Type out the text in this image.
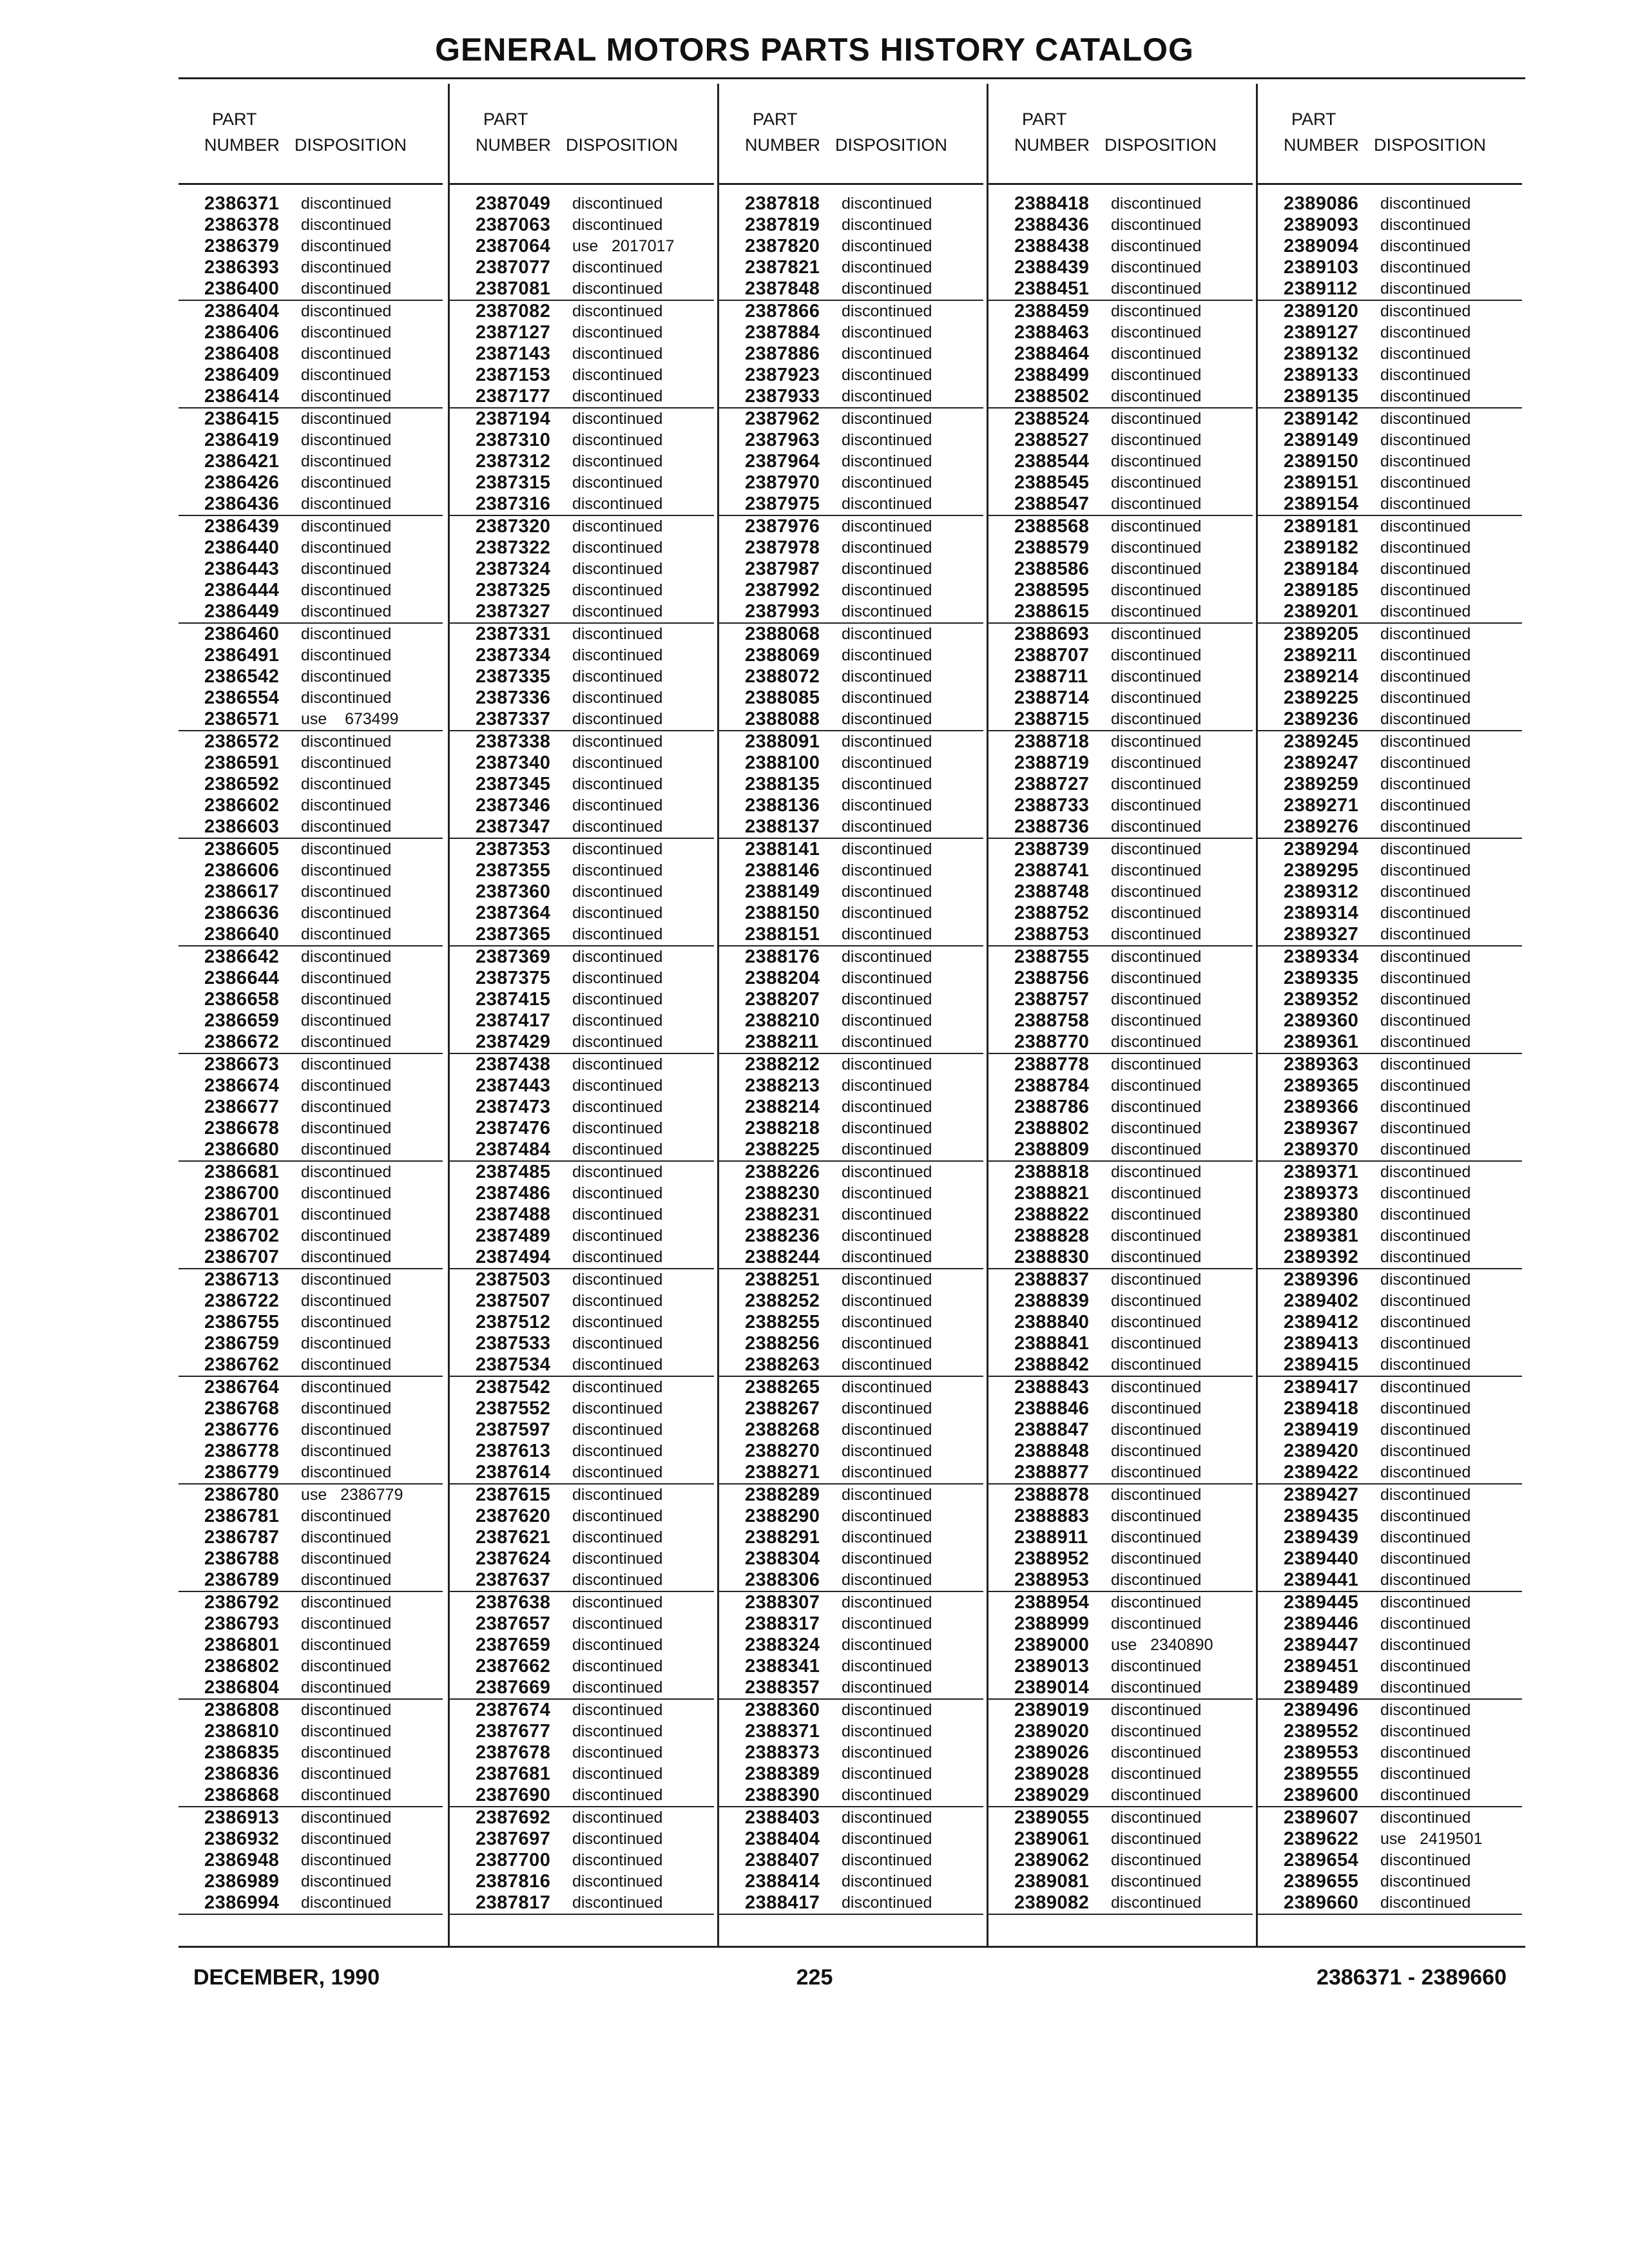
GENERAL MOTORS PARTS HISTORY CATALOG
PART
NUMBER DISPOSITION
2386371 discontinued
2386378 discontinued
2386379 discontinued
2386393 discontinued
2386400 discontinued
2386404 discontinued
2386406 discontinued
2386408 discontinued
2386409 discontinued
2386414 discontinued
2386415 discontinued
2386419 discontinued
2386421 discontinued
2386426 discontinued
2386436 discontinued
2386439 discontinued
2386440 discontinued
2386443 discontinued
2386444 discontinued
2386449 discontinued
2386460 discontinued
2386491 discontinued
2386542 discontinued
2386554 discontinued
2386571 use    673499
2386572 discontinued
2386591 discontinued
2386592 discontinued
2386602 discontinued
2386603 discontinued
2386605 discontinued
2386606 discontinued
2386617 discontinued
2386636 discontinued
2386640 discontinued
2386642 discontinued
2386644 discontinued
2386658 discontinued
2386659 discontinued
2386672 discontinued
2386673 discontinued
2386674 discontinued
2386677 discontinued
2386678 discontinued
2386680 discontinued
2386681 discontinued
2386700 discontinued
2386701 discontinued
2386702 discontinued
2386707 discontinued
2386713 discontinued
2386722 discontinued
2386755 discontinued
2386759 discontinued
2386762 discontinued
2386764 discontinued
2386768 discontinued
2386776 discontinued
2386778 discontinued
2386779 discontinued
2386780 use   2386779
2386781 discontinued
2386787 discontinued
2386788 discontinued
2386789 discontinued
2386792 discontinued
2386793 discontinued
2386801 discontinued
2386802 discontinued
2386804 discontinued
2386808 discontinued
2386810 discontinued
2386835 discontinued
2386836 discontinued
2386868 discontinued
2386913 discontinued
2386932 discontinued
2386948 discontinued
2386989 discontinued
2386994 discontinued
PART
NUMBER DISPOSITION
2387049 discontinued
2387063 discontinued
2387064 use   2017017
2387077 discontinued
2387081 discontinued
2387082 discontinued
2387127 discontinued
2387143 discontinued
2387153 discontinued
2387177 discontinued
2387194 discontinued
2387310 discontinued
2387312 discontinued
2387315 discontinued
2387316 discontinued
2387320 discontinued
2387322 discontinued
2387324 discontinued
2387325 discontinued
2387327 discontinued
2387331 discontinued
2387334 discontinued
2387335 discontinued
2387336 discontinued
2387337 discontinued
2387338 discontinued
2387340 discontinued
2387345 discontinued
2387346 discontinued
2387347 discontinued
2387353 discontinued
2387355 discontinued
2387360 discontinued
2387364 discontinued
2387365 discontinued
2387369 discontinued
2387375 discontinued
2387415 discontinued
2387417 discontinued
2387429 discontinued
2387438 discontinued
2387443 discontinued
2387473 discontinued
2387476 discontinued
2387484 discontinued
2387485 discontinued
2387486 discontinued
2387488 discontinued
2387489 discontinued
2387494 discontinued
2387503 discontinued
2387507 discontinued
2387512 discontinued
2387533 discontinued
2387534 discontinued
2387542 discontinued
2387552 discontinued
2387597 discontinued
2387613 discontinued
2387614 discontinued
2387615 discontinued
2387620 discontinued
2387621 discontinued
2387624 discontinued
2387637 discontinued
2387638 discontinued
2387657 discontinued
2387659 discontinued
2387662 discontinued
2387669 discontinued
2387674 discontinued
2387677 discontinued
2387678 discontinued
2387681 discontinued
2387690 discontinued
2387692 discontinued
2387697 discontinued
2387700 discontinued
2387816 discontinued
2387817 discontinued
PART
NUMBER DISPOSITION
2387818 discontinued
2387819 discontinued
2387820 discontinued
2387821 discontinued
2387848 discontinued
2387866 discontinued
2387884 discontinued
2387886 discontinued
2387923 discontinued
2387933 discontinued
2387962 discontinued
2387963 discontinued
2387964 discontinued
2387970 discontinued
2387975 discontinued
2387976 discontinued
2387978 discontinued
2387987 discontinued
2387992 discontinued
2387993 discontinued
2388068 discontinued
2388069 discontinued
2388072 discontinued
2388085 discontinued
2388088 discontinued
2388091 discontinued
2388100 discontinued
2388135 discontinued
2388136 discontinued
2388137 discontinued
2388141 discontinued
2388146 discontinued
2388149 discontinued
2388150 discontinued
2388151 discontinued
2388176 discontinued
2388204 discontinued
2388207 discontinued
2388210 discontinued
2388211 discontinued
2388212 discontinued
2388213 discontinued
2388214 discontinued
2388218 discontinued
2388225 discontinued
2388226 discontinued
2388230 discontinued
2388231 discontinued
2388236 discontinued
2388244 discontinued
2388251 discontinued
2388252 discontinued
2388255 discontinued
2388256 discontinued
2388263 discontinued
2388265 discontinued
2388267 discontinued
2388268 discontinued
2388270 discontinued
2388271 discontinued
2388289 discontinued
2388290 discontinued
2388291 discontinued
2388304 discontinued
2388306 discontinued
2388307 discontinued
2388317 discontinued
2388324 discontinued
2388341 discontinued
2388357 discontinued
2388360 discontinued
2388371 discontinued
2388373 discontinued
2388389 discontinued
2388390 discontinued
2388403 discontinued
2388404 discontinued
2388407 discontinued
2388414 discontinued
2388417 discontinued
PART
NUMBER DISPOSITION
2388418 discontinued
2388436 discontinued
2388438 discontinued
2388439 discontinued
2388451 discontinued
2388459 discontinued
2388463 discontinued
2388464 discontinued
2388499 discontinued
2388502 discontinued
2388524 discontinued
2388527 discontinued
2388544 discontinued
2388545 discontinued
2388547 discontinued
2388568 discontinued
2388579 discontinued
2388586 discontinued
2388595 discontinued
2388615 discontinued
2388693 discontinued
2388707 discontinued
2388711 discontinued
2388714 discontinued
2388715 discontinued
2388718 discontinued
2388719 discontinued
2388727 discontinued
2388733 discontinued
2388736 discontinued
2388739 discontinued
2388741 discontinued
2388748 discontinued
2388752 discontinued
2388753 discontinued
2388755 discontinued
2388756 discontinued
2388757 discontinued
2388758 discontinued
2388770 discontinued
2388778 discontinued
2388784 discontinued
2388786 discontinued
2388802 discontinued
2388809 discontinued
2388818 discontinued
2388821 discontinued
2388822 discontinued
2388828 discontinued
2388830 discontinued
2388837 discontinued
2388839 discontinued
2388840 discontinued
2388841 discontinued
2388842 discontinued
2388843 discontinued
2388846 discontinued
2388847 discontinued
2388848 discontinued
2388877 discontinued
2388878 discontinued
2388883 discontinued
2388911 discontinued
2388952 discontinued
2388953 discontinued
2388954 discontinued
2388999 discontinued
2389000 use   2340890
2389013 discontinued
2389014 discontinued
2389019 discontinued
2389020 discontinued
2389026 discontinued
2389028 discontinued
2389029 discontinued
2389055 discontinued
2389061 discontinued
2389062 discontinued
2389081 discontinued
2389082 discontinued
PART
NUMBER DISPOSITION
2389086 discontinued
2389093 discontinued
2389094 discontinued
2389103 discontinued
2389112 discontinued
2389120 discontinued
2389127 discontinued
2389132 discontinued
2389133 discontinued
2389135 discontinued
2389142 discontinued
2389149 discontinued
2389150 discontinued
2389151 discontinued
2389154 discontinued
2389181 discontinued
2389182 discontinued
2389184 discontinued
2389185 discontinued
2389201 discontinued
2389205 discontinued
2389211 discontinued
2389214 discontinued
2389225 discontinued
2389236 discontinued
2389245 discontinued
2389247 discontinued
2389259 discontinued
2389271 discontinued
2389276 discontinued
2389294 discontinued
2389295 discontinued
2389312 discontinued
2389314 discontinued
2389327 discontinued
2389334 discontinued
2389335 discontinued
2389352 discontinued
2389360 discontinued
2389361 discontinued
2389363 discontinued
2389365 discontinued
2389366 discontinued
2389367 discontinued
2389370 discontinued
2389371 discontinued
2389373 discontinued
2389380 discontinued
2389381 discontinued
2389392 discontinued
2389396 discontinued
2389402 discontinued
2389412 discontinued
2389413 discontinued
2389415 discontinued
2389417 discontinued
2389418 discontinued
2389419 discontinued
2389420 discontinued
2389422 discontinued
2389427 discontinued
2389435 discontinued
2389439 discontinued
2389440 discontinued
2389441 discontinued
2389445 discontinued
2389446 discontinued
2389447 discontinued
2389451 discontinued
2389489 discontinued
2389496 discontinued
2389552 discontinued
2389553 discontinued
2389555 discontinued
2389600 discontinued
2389607 discontinued
2389622 use   2419501
2389654 discontinued
2389655 discontinued
2389660 discontinued
DECEMBER, 1990	225	2386371 - 2389660
